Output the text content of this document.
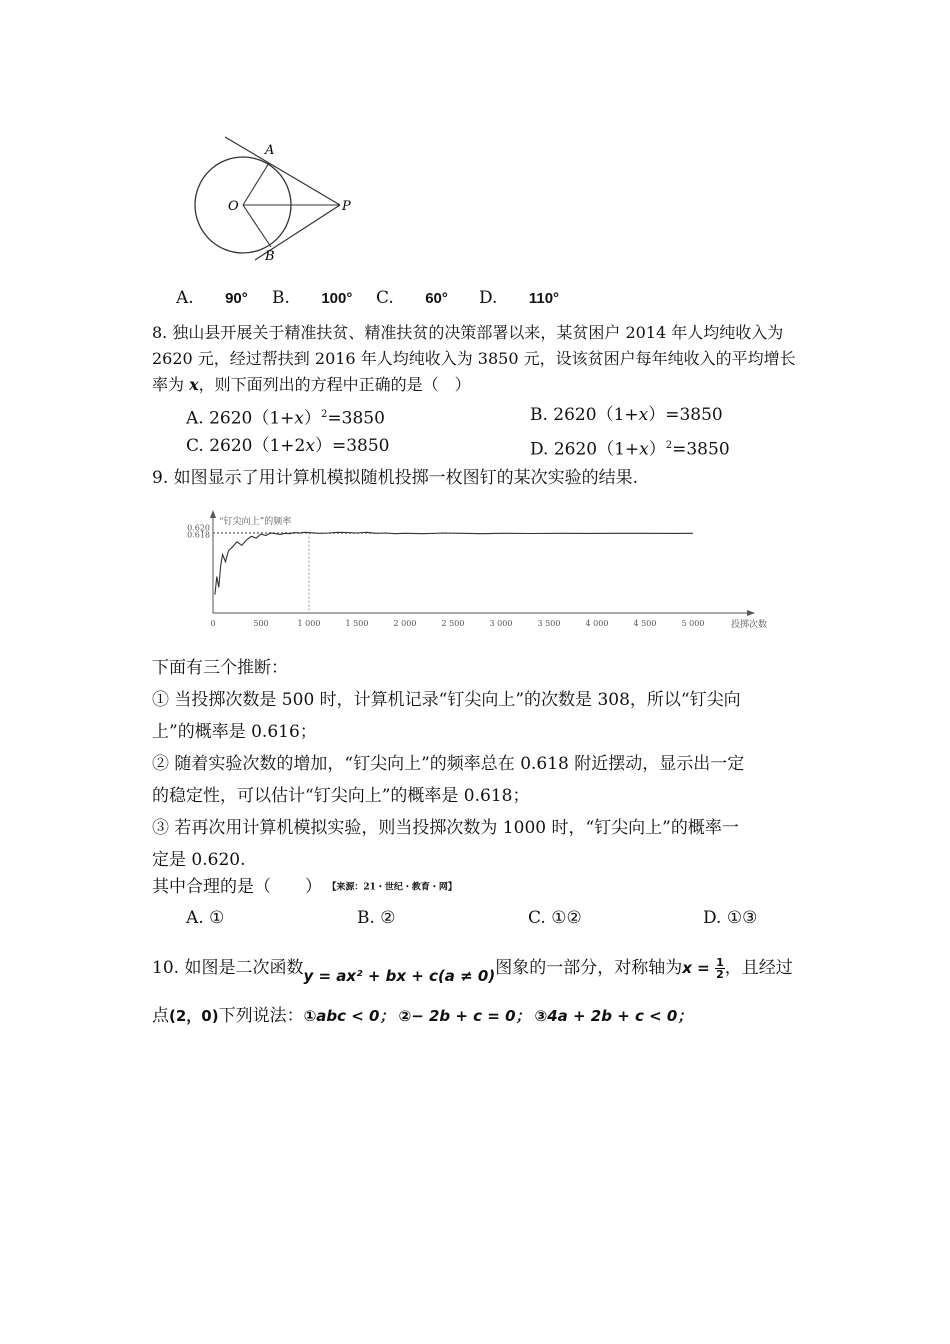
A
O	P
B
A. 90° B. 100° C. 60° D. 110°
8. 独山县开展关于精准扶贫、精准扶贫的决策部署以来，某贫困户 2014 年人均纯收入为
2620 元，经过帮扶到 2016 年人均纯收入为 3850 元，设该贫困户每年纯收入的平均增长
率为 x，则下面列出的方程中正确的是（　）
A. $2620(1+x)^2=3850$	B. 2620（1+x）=3850
C. 2620（1+2x）=3850	D. $2620(1+x)^2=3850$
9. 如图显示了用计算机模拟随机投掷一枚图钉的某次实验的结果.
“钉尖向上”的频率
投掷次数
0.620
0.618
0	500	1 000	1 500	2 000	2 500	3 000	3 500	4 000	4 500	5 000
下面有三个推断：
① 当投掷次数是 500 时，计算机记录“钉尖向上”的次数是 308，所以“钉尖向
上”的概率是 0.616；
② 随着实验次数的增加，“钉尖向上”的频率总在 0.618 附近摆动，显示出一定
的稳定性，可以估计“钉尖向上”的概率是 0.618；
③ 若再次用计算机模拟实验，则当投掷次数为 1000 时，“钉尖向上”的概率一
定是 0.620.
其中合理的是（　　） 【来源：21・世纪・教育・网】
A. ①	B. ②	C. ①②	D. ①③
10. 如图是二次函数y = ax² + bx + c(a ≠ 0)图象的一部分，对称轴为$x = \frac{1}{2}$ ，且经过
点(2，0)下列说法：①abc < 0； ②− 2b + c = 0； ③4a + 2b + c < 0；
